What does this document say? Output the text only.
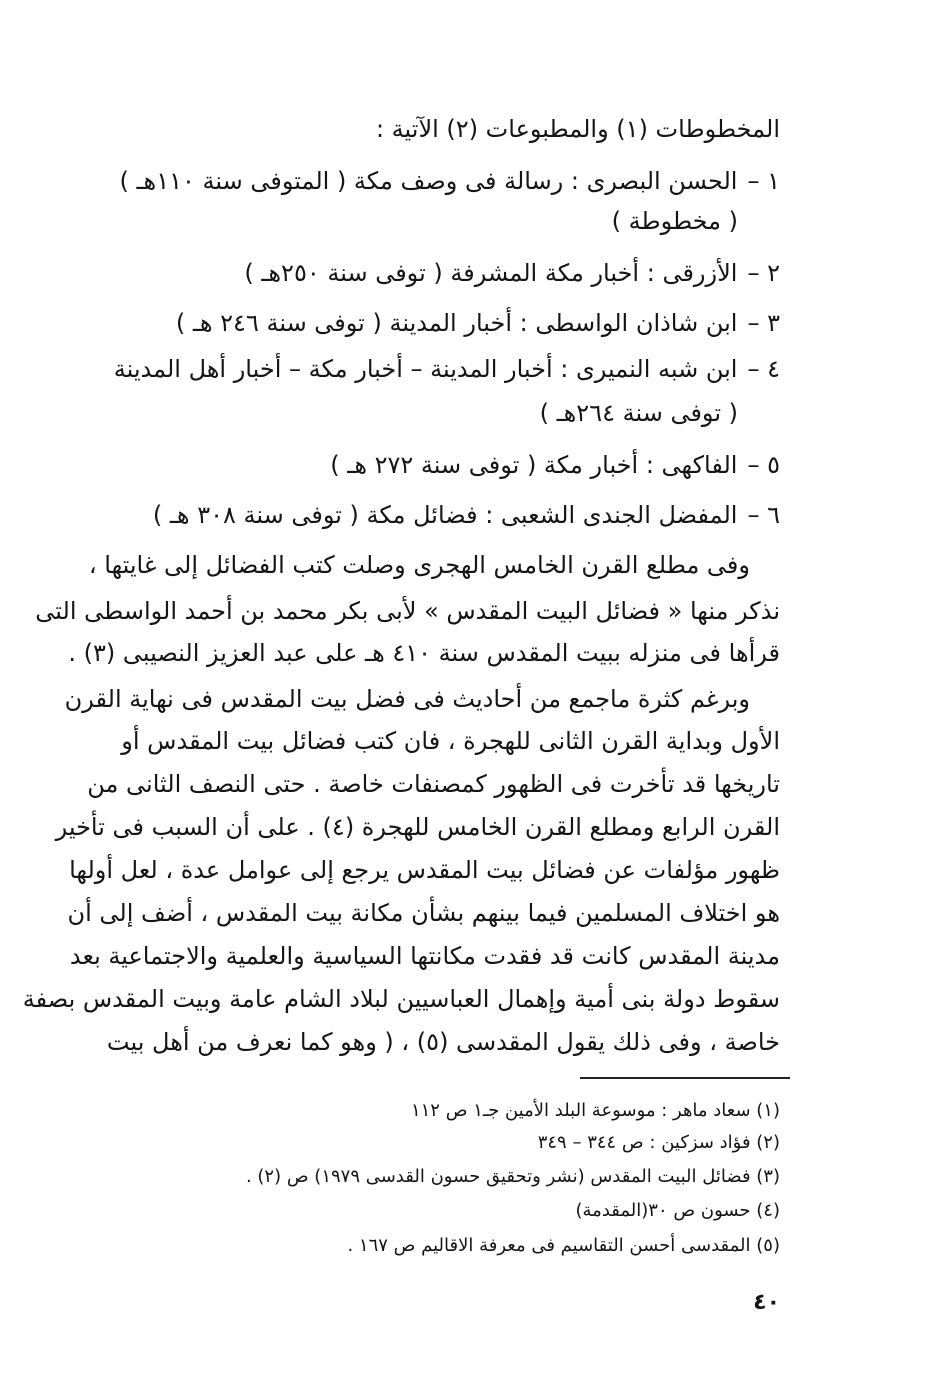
المخطوطات (١) والمطبوعات (٢) الآتية :
١ –الحسن البصرى : رسالة فى وصف مكة ( المتوفى سنة ١١٠هـ )
( مخطوطة )
٢ –الأزرقى : أخبار مكة المشرفة ( توفى سنة ٢٥٠هـ )
٣ –ابن شاذان الواسطى : أخبار المدينة ( توفى سنة ٢٤٦ هـ )
٤ –ابن شبه النميرى : أخبار المدينة – أخبار مكة – أخبار أهل المدينة
( توفى سنة ٢٦٤هـ )
٥ –الفاكهى : أخبار مكة ( توفى سنة ٢٧٢ هـ )
٦ –المفضل الجندى الشعبى : فضائل مكة ( توفى سنة ٣٠٨ هـ )
وفى مطلع القرن الخامس الهجرى وصلت كتب الفضائل إلى غايتها ،
نذكر منها « فضائل البيت المقدس » لأبى بكر محمد بن أحمد الواسطى التى
قرأها فى منزله ببيت المقدس سنة ٤١٠ هـ على عبد العزيز النصيبى (٣) .
وبرغم كثرة ماجمع من أحاديث فى فضل بيت المقدس فى نهاية القرن
الأول وبداية القرن الثانى للهجرة ، فان كتب فضائل بيت المقدس أو
تاريخها قد تأخرت فى الظهور كمصنفات خاصة . حتى النصف الثانى من
القرن الرابع ومطلع القرن الخامس للهجرة (٤) . على أن السبب فى تأخير
ظهور مؤلفات عن فضائل بيت المقدس يرجع إلى عوامل عدة ، لعل أولها
هو اختلاف المسلمين فيما بينهم بشأن مكانة بيت المقدس ، أضف إلى أن
مدينة المقدس كانت قد فقدت مكانتها السياسية والعلمية والاجتماعية بعد
سقوط دولة بنى أمية وإهمال العباسيين لبلاد الشام عامة وبيت المقدس بصفة
خاصة ، وفى ذلك يقول المقدسى (٥) ، ( وهو كما نعرف من أهل بيت
(١) سعاد ماهر : موسوعة البلد الأمين جـ١ ص ١١٢
(٢) فؤاد سزكين : ص ٣٤٤ – ٣٤٩
(٣) فضائل البيت المقدس (نشر وتحقيق حسون القدسى ١٩٧٩) ص (٢) .
(٤) حسون ص ٣٠(المقدمة)
(٥) المقدسى أحسن التقاسيم فى معرفة الاقاليم ص ١٦٧ .
٤٠
